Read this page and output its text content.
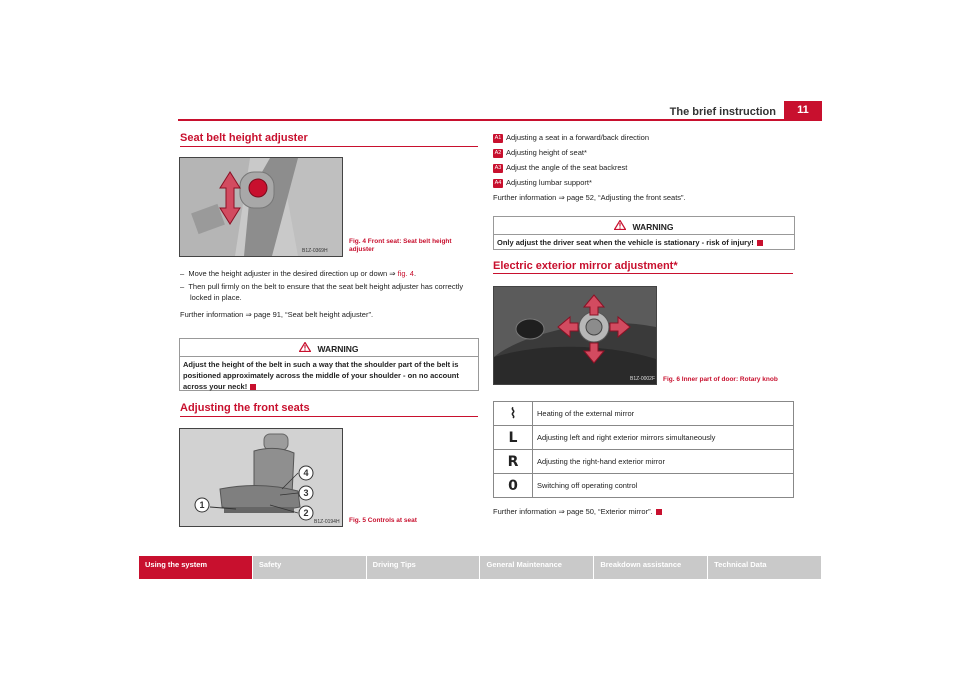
The brief instruction	11
Seat belt height adjuster
B1Z-0369H
Fig. 4 Front seat: Seat belt height adjuster
–  Move the height adjuster in the desired direction up or down ⇒ fig. 4.
–  Then pull firmly on the belt to ensure that the seat belt height adjuster has correctly locked in place.
Further information ⇒ page 91, “Seat belt height adjuster”.
WARNING
Adjust the height of the belt in such a way that the shoulder part of the belt is positioned approximately across the middle of your shoulder - on no account across your neck!
Adjusting the front seats
1
2
3
4
B1Z-0194H Fig. 5 Controls at seat
A1 Adjusting a seat in a forward/back direction
A2 Adjusting height of seat*
A3 Adjust the angle of the seat backrest
A4 Adjusting lumbar support*
Further information ⇒ page 52, “Adjusting the front seats”.
WARNING
Only adjust the driver seat when the vehicle is stationary - risk of injury!
Electric exterior mirror adjustment*
B1Z-0002F Fig. 6 Inner part of door: Rotary knob
⌇	Heating of the external mirror
L	Adjusting left and right exterior mirrors simultaneously
R	Adjusting the right-hand exterior mirror
0	Switching off operating control
Further information ⇒ page 50, “Exterior mirror”.
Using the system	Safety	Driving Tips	General Maintenance	Breakdown assistance	Technical Data
